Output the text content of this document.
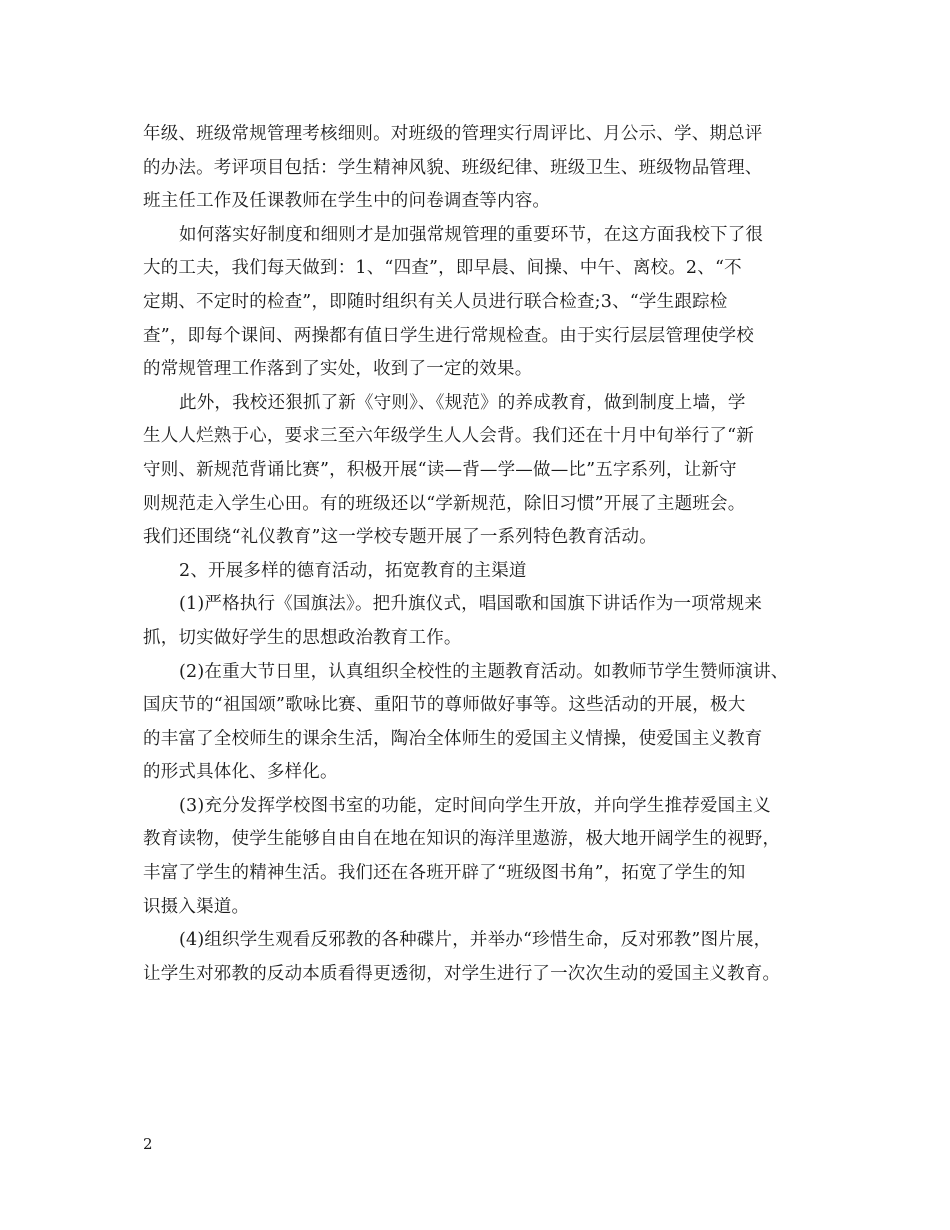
年级、班级常规管理考核细则。对班级的管理实行周评比、月公示、学、期总评
的办法。考评项目包括：学生精神风貌、班级纪律、班级卫生、班级物品管理、
班主任工作及任课教师在学生中的问卷调查等内容。
如何落实好制度和细则才是加强常规管理的重要环节，在这方面我校下了很
大的工夫，我们每天做到：1、“四查”，即早晨、间操、中午、离校。2、“不
定期、不定时的检查”，即随时组织有关人员进行联合检查;3、“学生跟踪检
查”，即每个课间、两操都有值日学生进行常规检查。由于实行层层管理使学校
的常规管理工作落到了实处，收到了一定的效果。
此外，我校还狠抓了新《守则》、《规范》的养成教育，做到制度上墙，学
生人人烂熟于心，要求三至六年级学生人人会背。我们还在十月中旬举行了“新
守则、新规范背诵比赛”，积极开展“读—背—学—做—比”五字系列，让新守
则规范走入学生心田。有的班级还以“学新规范，除旧习惯”开展了主题班会。
我们还围绕“礼仪教育”这一学校专题开展了一系列特色教育活动。
2、开展多样的德育活动，拓宽教育的主渠道
(1)严格执行《国旗法》。把升旗仪式，唱国歌和国旗下讲话作为一项常规来
抓，切实做好学生的思想政治教育工作。
(2)在重大节日里，认真组织全校性的主题教育活动。如教师节学生赞师演讲、
国庆节的“祖国颂”歌咏比赛、重阳节的尊师做好事等。这些活动的开展，极大
的丰富了全校师生的课余生活，陶冶全体师生的爱国主义情操，使爱国主义教育
的形式具体化、多样化。
(3)充分发挥学校图书室的功能，定时间向学生开放，并向学生推荐爱国主义
教育读物，使学生能够自由自在地在知识的海洋里遨游，极大地开阔学生的视野，
丰富了学生的精神生活。我们还在各班开辟了“班级图书角”，拓宽了学生的知
识摄入渠道。
(4)组织学生观看反邪教的各种碟片，并举办“珍惜生命，反对邪教”图片展，
让学生对邪教的反动本质看得更透彻，对学生进行了一次次生动的爱国主义教育。
2
